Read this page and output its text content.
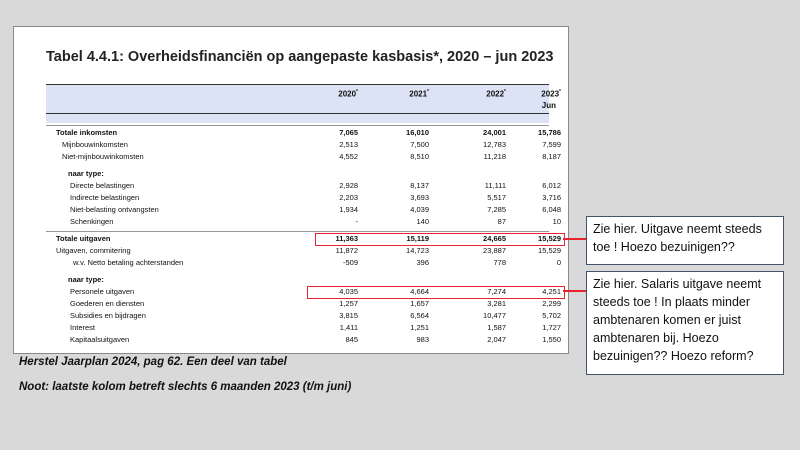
Tabel 4.4.1: Overheidsfinanciën op aangepaste kasbasis*, 2020 – jun 2023
2020*	2021*	2022*	2023*
Jun
Totale inkomsten	7,065	16,010	24,001	15,786
Mijnbouwinkomsten	2,513	7,500	12,783	7,599
Niet-mijnbouwinkomsten	4,552	8,510	11,218	8,187
naar type:
Directe belastingen	2,928	8,137	11,111	6,012
Indirecte belastingen	2,203	3,693	5,517	3,716
Niet-belasting ontvangsten	1,934	4,039	7,285	6,048
Schenkingen	-	140	87	10
Totale uitgaven	11,363	15,119	24,665	15,529
Uitgaven, commitering	11,872	14,723	23,887	15,529
w.v. Netto betaling achterstanden	-509	396	778	0
naar type:
Personele uitgaven	4,035	4,664	7,274	4,251
Goederen en diensten	1,257	1,657	3,281	2,299
Subsidies en bijdragen	3,815	6,564	10,477	5,702
Interest	1,411	1,251	1,587	1,727
Kapitaalsuitgaven	845	983	2,047	1,550
Zie hier. Uitgave neemt steeds toe ! Hoezo bezuinigen??
Zie hier. Salaris uitgave neemt steeds toe ! In plaats minder ambtenaren komen er juist ambtenaren bij. Hoezo bezuinigen?? Hoezo reform?
Herstel Jaarplan 2024, pag 62. Een deel van tabel
Noot: laatste kolom betreft slechts 6 maanden 2023 (t/m juni)
